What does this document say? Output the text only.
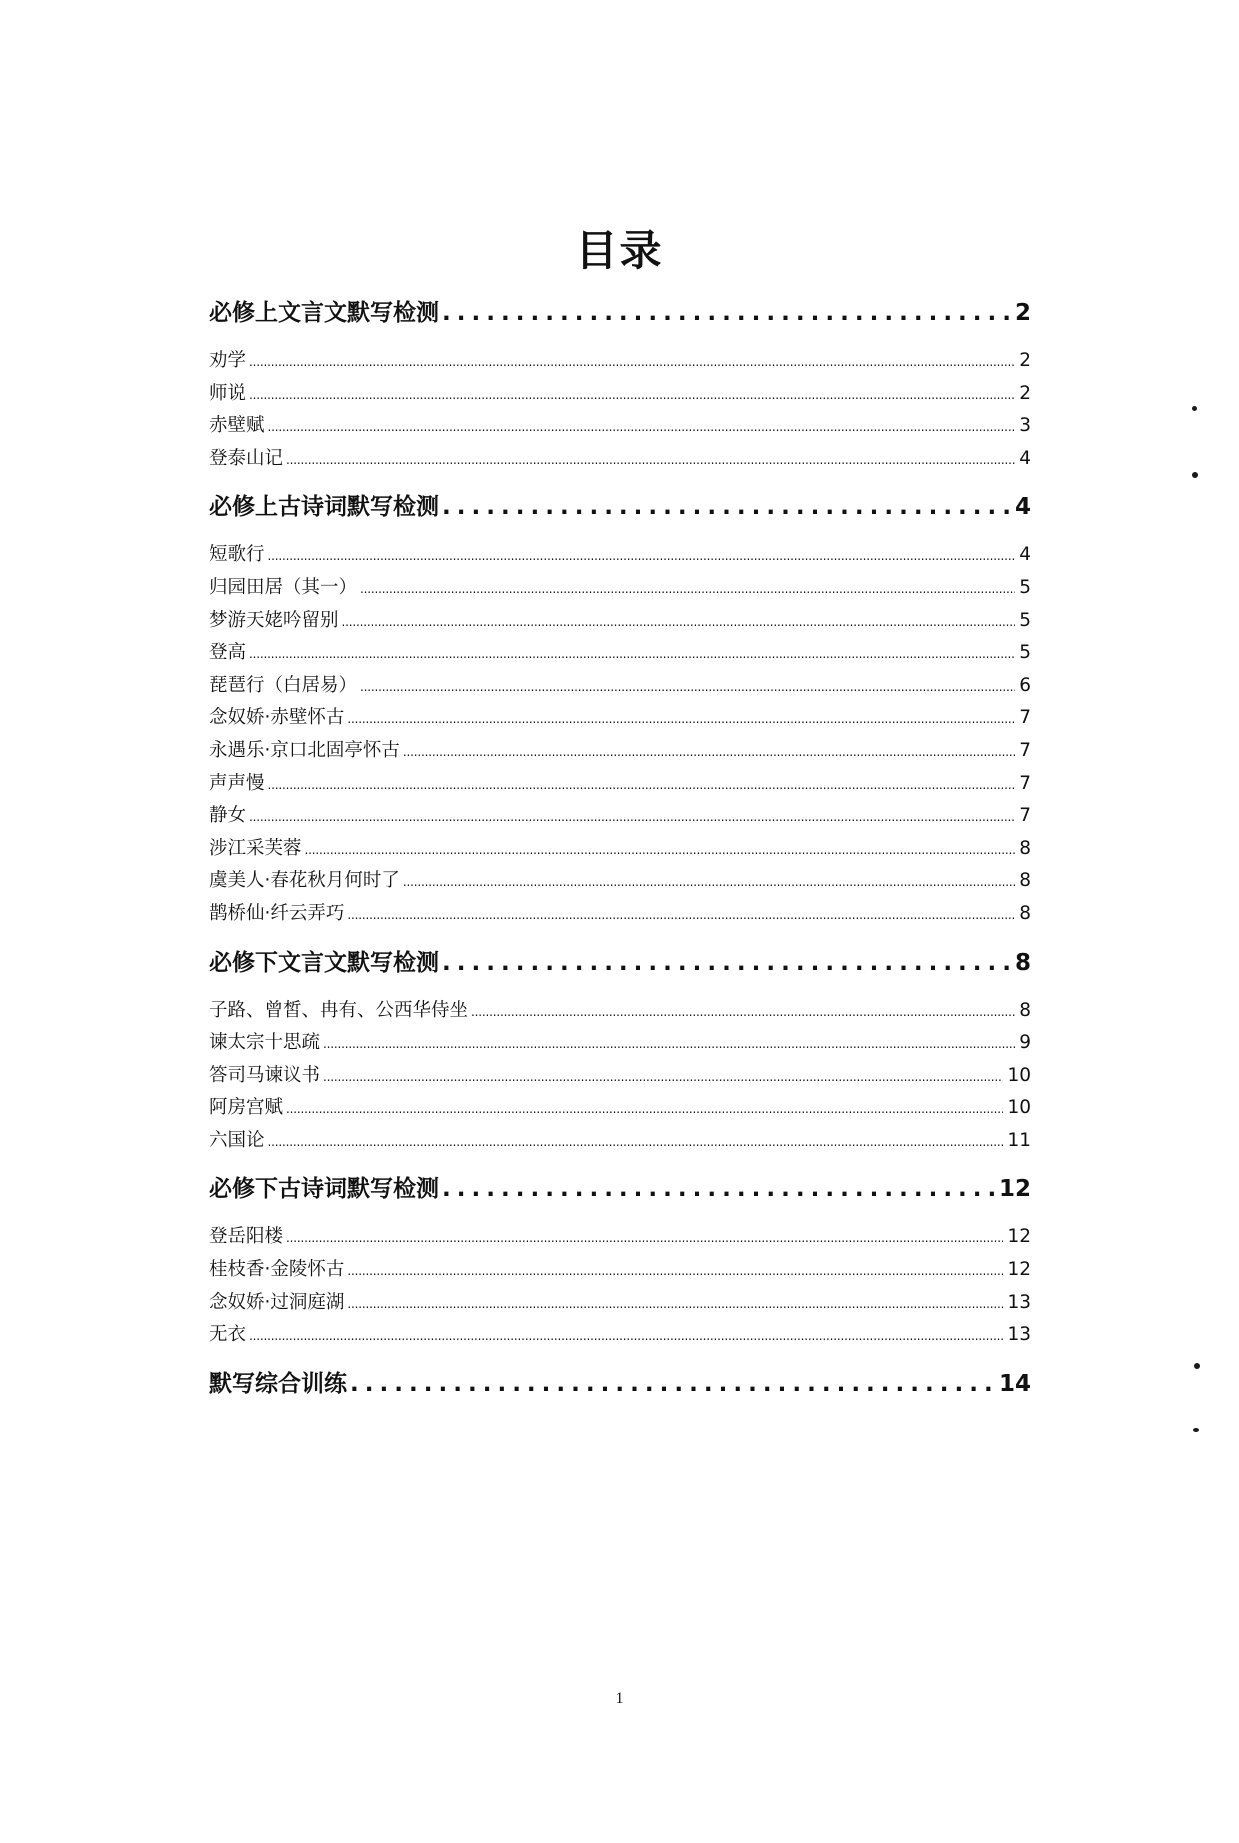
目录
必修上文言文默写检测 . . .	2
劝学 . . .	2
师说 . . .	2
赤壁赋 . . .	3
登泰山记 . . .	4
必修上古诗词默写检测 . . .	4
短歌行 . . .	4
归园田居（其一） . . .	5
梦游天姥吟留别 . . .	5
登高 . . .	5
琵琶行（白居易） . . .	6
念奴娇·赤壁怀古 . . .	7
永遇乐·京口北固亭怀古 . . .	7
声声慢 . . .	7
静女 . . .	7
涉江采芙蓉 . . .	8
虞美人·春花秋月何时了 . . .	8
鹊桥仙·纤云弄巧 . . .	8
必修下文言文默写检测 . . .	8
子路、曾皙、冉有、公西华侍坐 . . .	8
谏太宗十思疏 . . .	9
答司马谏议书 . . .	10
阿房宫赋 . . .	10
六国论 . . .	11
必修下古诗词默写检测 . . .	12
登岳阳楼 . . .	12
桂枝香·金陵怀古 . . .	12
念奴娇·过洞庭湖 . . .	13
无衣 . . .	13
默写综合训练 . . .	14
1
